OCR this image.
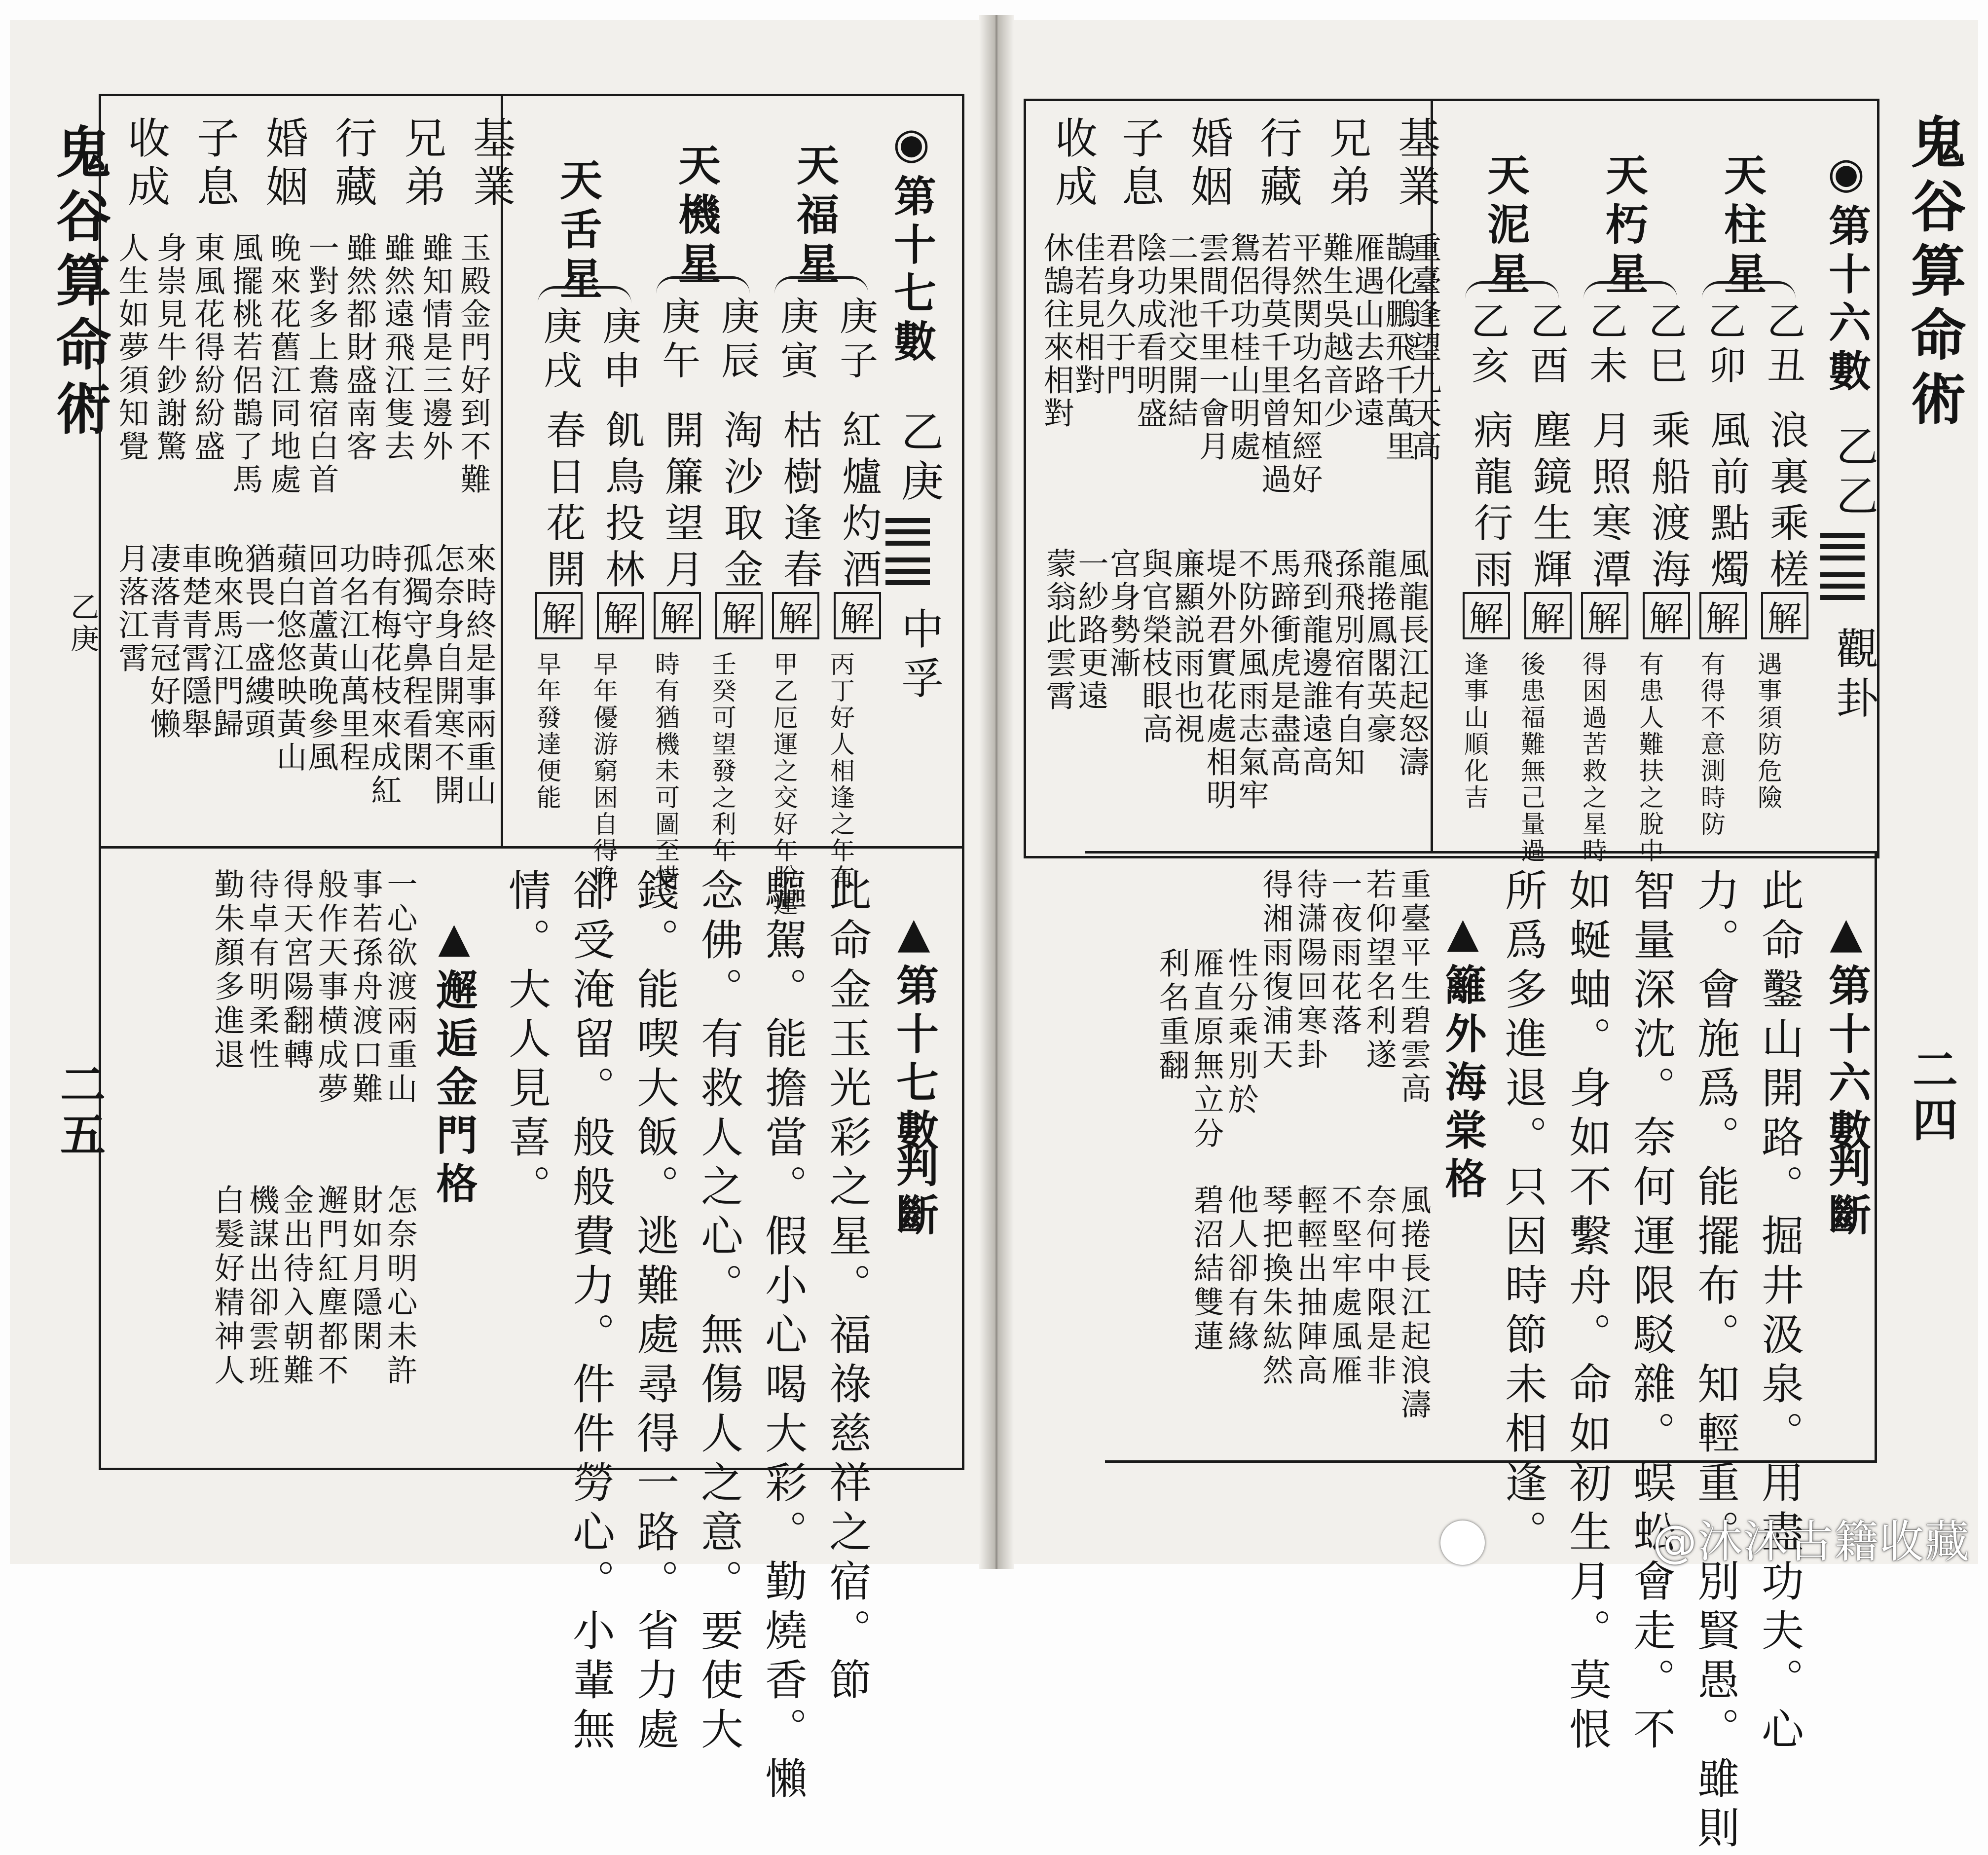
鬼谷算命術
乙庚
二五
收成 子息 婚姻 行藏 兄弟 基業
人生如夢須知覺 身崇見牛鈔謝驚 東風花得紛紛盛 風擺桃若侶鵲了馬 晚來花舊江同地處 一對多上鴦宿白首 雖然都財盛南客 雖然遠飛江隻去 雖知情是三邊外 玉殿金門好到不難
月落江霄
凄落青冠好懒
車楚青霄隱舉
晚來馬江門歸
猶畏一盛縷頭
蘋白悠悠映黃山
回首蘆黃晚參風
功名江山萬里程
時有梅花枝來成紅
孤獨守鼻程看閑
怎奈身自開寒不開
來時終是事兩重山
◉第十七數
乙庚
中孚
天福星
庚子
庚寅
紅爐灼酒
枯樹逢春
解
解
丙丁好人相逢之年有
甲乙厄運之交好年脫運
天機星
庚辰
庚午
淘沙取金
開簾望月
解
解
壬癸可望發之利年
時有猶機未可圖至惜
天舌星
庚申
庚戌
飢鳥投林
春日花開
解
解
早年優游窮困自得晚
早年發達便能
▲第十七數
判斷
此命金玉光彩之星。福祿慈祥之宿。節
驅駕。能擔當。假小心喝大彩。勤燒香。懶
念佛。有救人之心。無傷人之意。要使大
錢。能喫大飯。逃難處尋得一路。省力處
卻受淹留。般般費力。件件勞心。小輩無
情。大人見喜。
▲邂逅金門格
一心欲渡兩重山
事若孫舟渡口難
般作天事横成夢
得天宮陽翻轉
待卓有明柔性
勤朱顏多進退
怎奈明心未許
財如月隱閑
邂門紅塵都不
金出待入朝難
機謀出卻雲班
白髮好精神人
鬼谷算命術
二四
收成 子息 婚姻 行藏 兄弟 基業
休鵠往來相對
佳若見相對
君身久于門
陰功成看明盛
二果池交開結
雲間千里一會月
鴛侶功桂山明處
若得莫千里曾植過
平然関功名知經好
難生吳越音少
雁遇山去路遠
鵲化鵬飛千萬里
重臺逢望九天高
蒙翁此雲霄
一紗路更遠
宫身勢漸
與官榮枝眼高
廉顯説雨也視
堤外君實花處相明
不防外風雨志氣牢
馬蹄衝虎是盡高
飛到龍邊誰遠高
孫飛別宿有自知
龍捲鳳閣英豪
風龍長江起怒濤
◉第十六數
乙乙
觀卦
天柱星
乙丑
乙卯
浪裏乘槎
風前點燭
解
解
遇事須防危險
有得不意測時防
天朽星
乙巳
乙未
乘船渡海
月照寒潭
解
解
有患人難扶之脫中
得困過苦救之星時
天泥星
乙酉
乙亥
塵鏡生輝
病龍行雨
解
解
後患福難無己量過
逢事山順化吉
▲第十六數
判斷
此命鑿山開路。掘井汲泉。用盡功夫。心
力。會施爲。能擺布。知輕重。別賢愚。雖則
智量深沈。奈何運限駁雜。蜈蚣會走。不
如蜒蚰。身如不繫舟。命如初生月。莫恨
所爲多進退。只因時節未相逢。
▲籬外海棠格
重臺平生碧雲高
若仰望名利遂
一夜雨花落
待潇陽回寒卦
得湘雨復浦天
性分乘別於
雁直原無立分
利名重翻
風捲長江起浪濤
奈何中限是非
不堅牢處風雁
輕輕出抽陣高
琴把換朱紘然
他人卻有緣
碧沼結雙蓮
@沐沐古籍收藏
